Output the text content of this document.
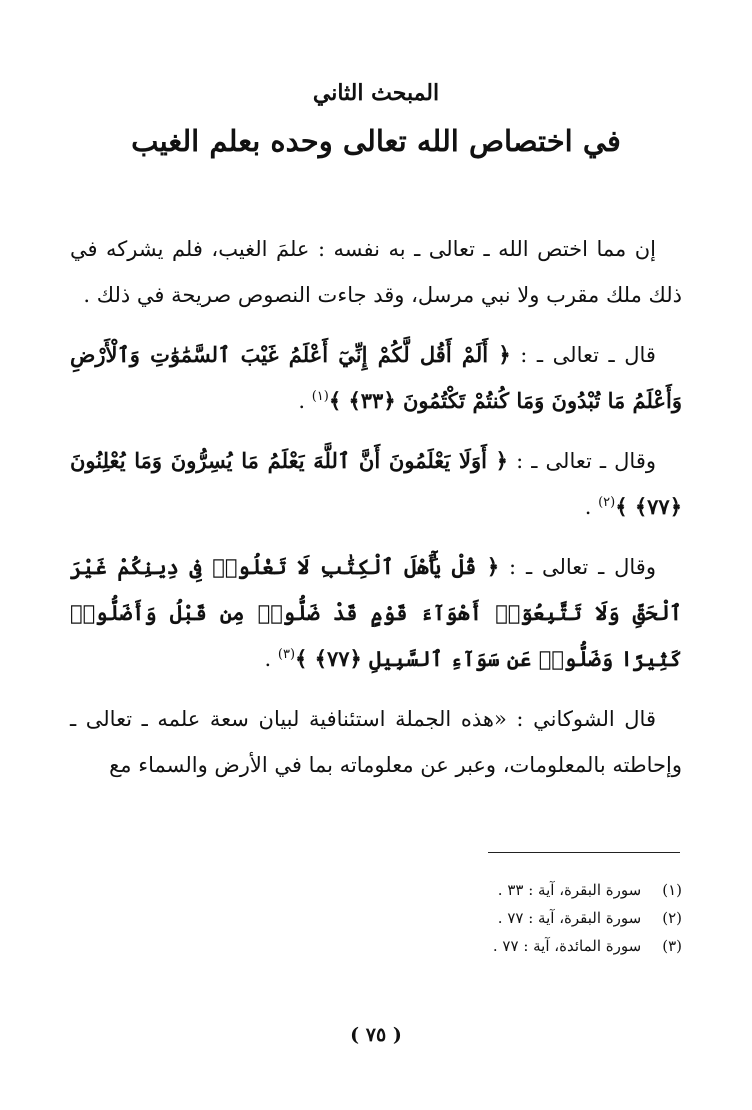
المبحث الثاني
في اختصاص الله تعالى وحده بعلم الغيب

إن مما اختص الله ـ تعالى ـ به نفسه : علمَ الغيب، فلم يشركه في ذلك ملك مقرب ولا نبي مرسل، وقد جاءت النصوص صريحة في ذلك .

قال ـ تعالى ـ : ﴿ أَلَمْ أَقُل لَّكُمْ إِنِّيٓ أَعْلَمُ غَيْبَ ٱلسَّمَٰوَٰتِ وَٱلْأَرْضِ وَأَعْلَمُ مَا تُبْدُونَ وَمَا كُنتُمْ تَكْتُمُونَ ﴿٣٣﴾ ﴾$^{(١)}$ .

وقال ـ تعالى ـ : ﴿ أَوَلَا يَعْلَمُونَ أَنَّ ٱللَّهَ يَعْلَمُ مَا يُسِرُّونَ وَمَا يُعْلِنُونَ ﴿٧٧﴾ ﴾$^{(٢)}$ .

وقال ـ تعالى ـ : ﴿ قُلْ يَٰٓأَهْلَ ٱلْكِتَٰبِ لَا تَغْلُوا۟ فِى دِينِكُمْ غَيْرَ ٱلْحَقِّ وَلَا تَتَّبِعُوٓا۟ أَهْوَآءَ قَوْمٍ قَدْ ضَلُّوا۟ مِن قَبْلُ وَأَضَلُّوا۟ كَثِيرًا وَضَلُّوا۟ عَن سَوَآءِ ٱلسَّبِيلِ ﴿٧٧﴾ ﴾$^{(٣)}$ .

قال الشوكاني : «هذه الجملة استئنافية لبيان سعة علمه ـ تعالى ـ وإحاطته بالمعلومات، وعبر عن معلوماته بما في الأرض والسماء مع

(١) سورة البقرة، آية : ٣٣ .
(٢) سورة البقرة، آية : ٧٧ .
(٣) سورة المائدة، آية : ٧٧ .
( ٧٥ )
